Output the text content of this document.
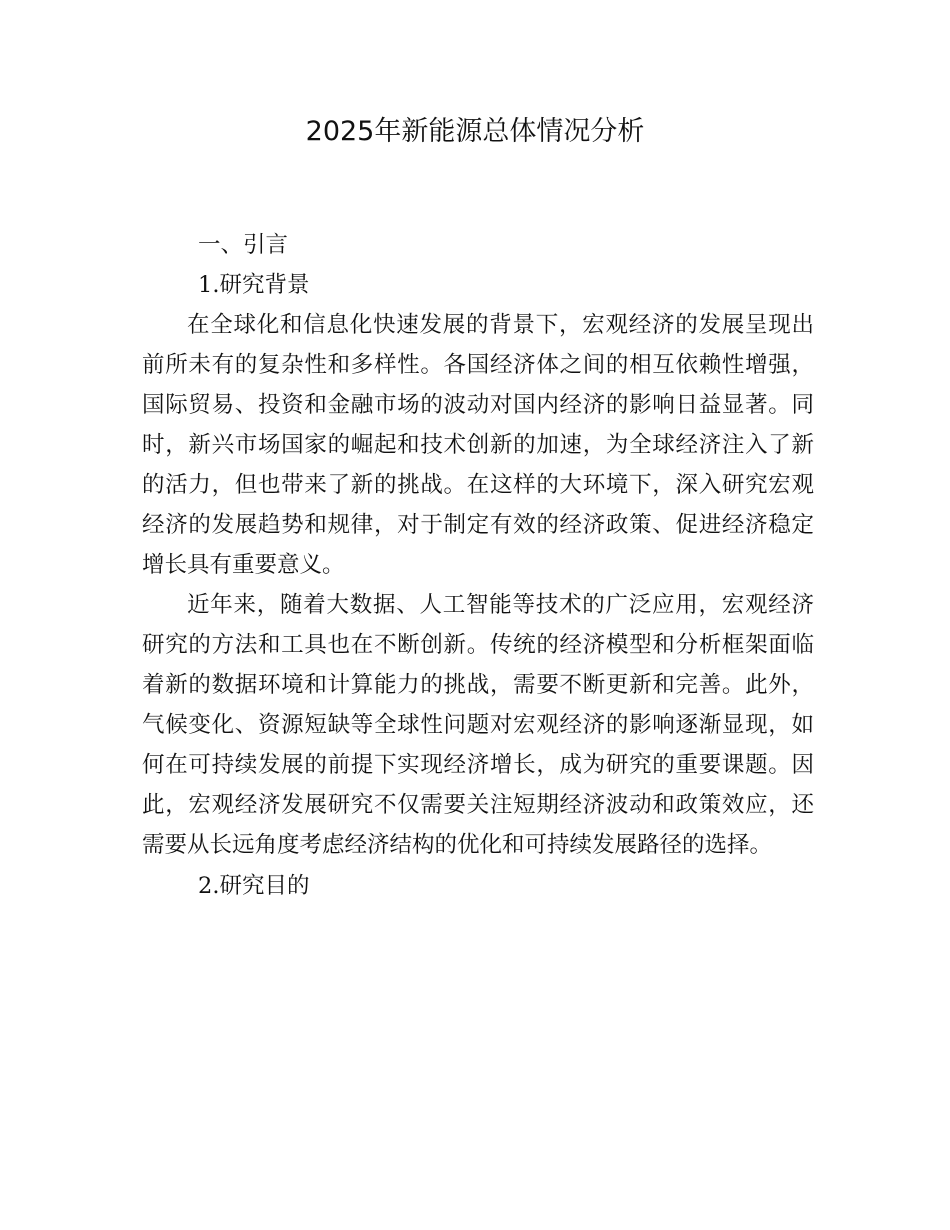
2025年新能源总体情况分析

一、引言

1.研究背景

在全球化和信息化快速发展的背景下，宏观经济的发展呈现出前所未有的复杂性和多样性。各国经济体之间的相互依赖性增强，国际贸易、投资和金融市场的波动对国内经济的影响日益显著。同时，新兴市场国家的崛起和技术创新的加速，为全球经济注入了新的活力，但也带来了新的挑战。在这样的大环境下，深入研究宏观经济的发展趋势和规律，对于制定有效的经济政策、促进经济稳定增长具有重要意义。

近年来，随着大数据、人工智能等技术的广泛应用，宏观经济研究的方法和工具也在不断创新。传统的经济模型和分析框架面临着新的数据环境和计算能力的挑战，需要不断更新和完善。此外，气候变化、资源短缺等全球性问题对宏观经济的影响逐渐显现，如何在可持续发展的前提下实现经济增长，成为研究的重要课题。因此，宏观经济发展研究不仅需要关注短期经济波动和政策效应，还需要从长远角度考虑经济结构的优化和可持续发展路径的选择。

2.研究目的
